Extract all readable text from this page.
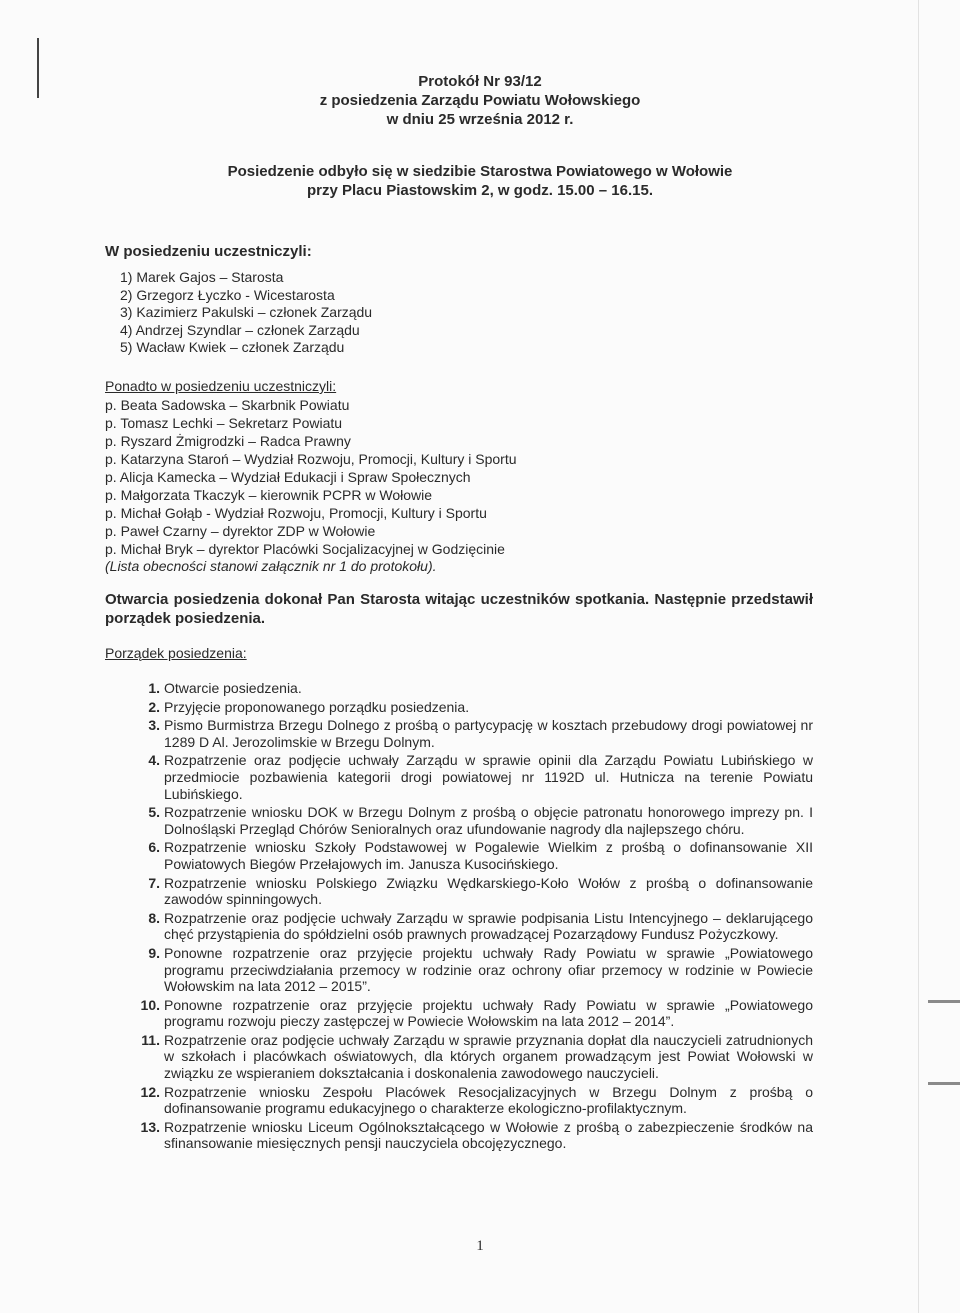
Protokół Nr 93/12
z posiedzenia Zarządu Powiatu Wołowskiego
w dniu 25 września 2012 r.
Posiedzenie odbyło się w siedzibie Starostwa Powiatowego w Wołowie
przy Placu Piastowskim 2, w godz. 15.00 – 16.15.
W posiedzeniu uczestniczyli:
1) Marek Gajos – Starosta
2) Grzegorz Łyczko - Wicestarosta
3) Kazimierz Pakulski – członek Zarządu
4) Andrzej Szyndlar – członek Zarządu
5) Wacław Kwiek – członek Zarządu
Ponadto w posiedzeniu uczestniczyli:
p. Beata Sadowska – Skarbnik Powiatu
p. Tomasz Lechki – Sekretarz Powiatu
p. Ryszard Żmigrodzki – Radca Prawny
p. Katarzyna Staroń – Wydział Rozwoju, Promocji, Kultury i Sportu
p. Alicja Kamecka – Wydział Edukacji i Spraw Społecznych
p. Małgorzata Tkaczyk – kierownik PCPR w Wołowie
p. Michał Gołąb - Wydział Rozwoju, Promocji, Kultury i Sportu
p. Paweł Czarny – dyrektor ZDP w Wołowie
p. Michał Bryk – dyrektor Placówki Socjalizacyjnej w Godzięcinie
(Lista obecności stanowi załącznik nr 1 do protokołu).
Otwarcia posiedzenia dokonał Pan Starosta witając uczestników spotkania. Następnie przedstawił porządek posiedzenia.
Porządek posiedzenia:
1. Otwarcie posiedzenia.
2. Przyjęcie proponowanego porządku posiedzenia.
3. Pismo Burmistrza Brzegu Dolnego z prośbą o partycypację w kosztach przebudowy drogi powiatowej nr 1289 D Al. Jerozolimskie w Brzegu Dolnym.
4. Rozpatrzenie oraz podjęcie uchwały Zarządu w sprawie opinii dla Zarządu Powiatu Lubińskiego w przedmiocie pozbawienia kategorii drogi powiatowej nr 1192D ul. Hutnicza na terenie Powiatu Lubińskiego.
5. Rozpatrzenie wniosku DOK w Brzegu Dolnym z prośbą o objęcie patronatu honorowego imprezy pn. I Dolnośląski Przegląd Chórów Senioralnych oraz ufundowanie nagrody dla najlepszego chóru.
6. Rozpatrzenie wniosku Szkoły Podstawowej w Pogalewie Wielkim z prośbą o dofinansowanie XII Powiatowych Biegów Przełajowych im. Janusza Kusocińskiego.
7. Rozpatrzenie wniosku Polskiego Związku Wędkarskiego-Koło Wołów z prośbą o dofinansowanie zawodów spinningowych.
8. Rozpatrzenie oraz podjęcie uchwały Zarządu w sprawie podpisania Listu Intencyjnego – deklarującego chęć przystąpienia do spółdzielni osób prawnych prowadzącej Pozarządowy Fundusz Pożyczkowy.
9. Ponowne rozpatrzenie oraz przyjęcie projektu uchwały Rady Powiatu w sprawie „Powiatowego programu przeciwdziałania przemocy w rodzinie oraz ochrony ofiar przemocy w rodzinie w Powiecie Wołowskim na lata 2012 – 2015”.
10. Ponowne rozpatrzenie oraz przyjęcie projektu uchwały Rady Powiatu w sprawie „Powiatowego programu rozwoju pieczy zastępczej w Powiecie Wołowskim na lata 2012 – 2014”.
11. Rozpatrzenie oraz podjęcie uchwały Zarządu w sprawie przyznania dopłat dla nauczycieli zatrudnionych w szkołach i placówkach oświatowych, dla których organem prowadzącym jest Powiat Wołowski w związku ze wspieraniem dokształcania i doskonalenia zawodowego nauczycieli.
12. Rozpatrzenie wniosku Zespołu Placówek Resocjalizacyjnych w Brzegu Dolnym z prośbą o dofinansowanie programu edukacyjnego o charakterze ekologiczno-profilaktycznym.
13. Rozpatrzenie wniosku Liceum Ogólnokształcącego w Wołowie z prośbą o zabezpieczenie środków na sfinansowanie miesięcznych pensji nauczyciela obcojęzycznego.
1
